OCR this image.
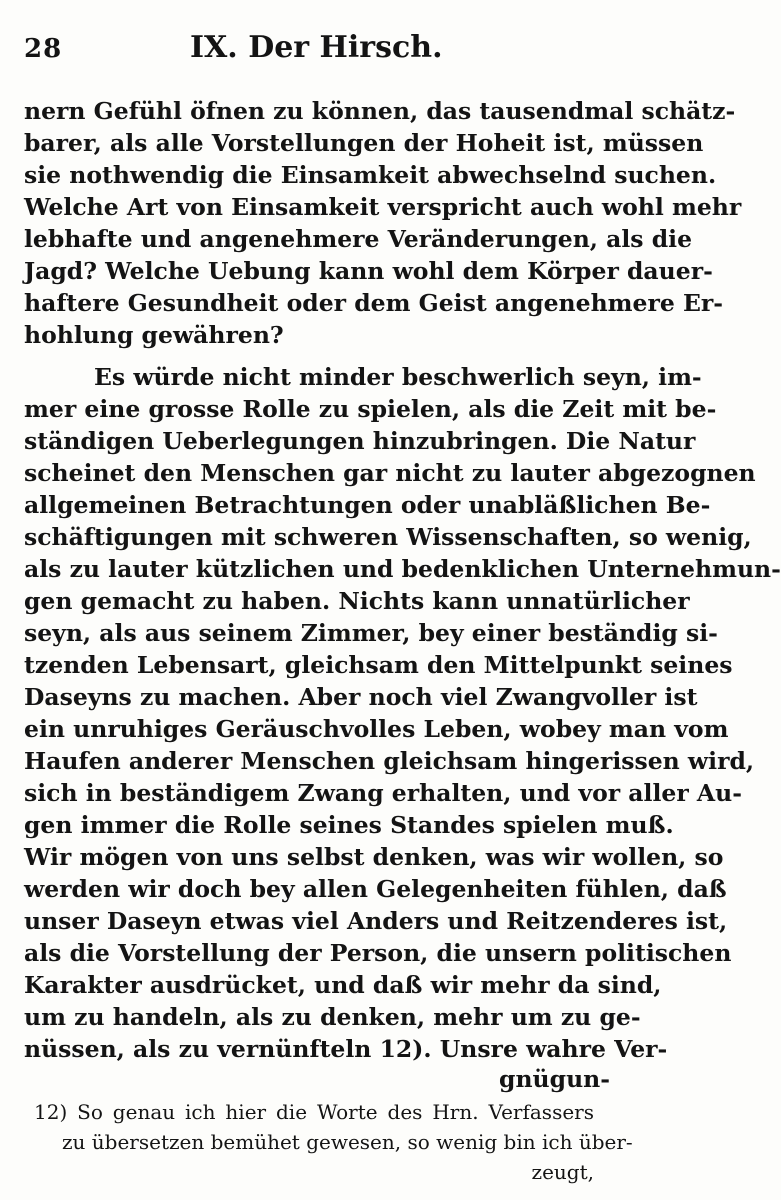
28	IX. Der Hirsch.
nern Gefühl öfnen zu können, das tausendmal schätz-
barer, als alle Vorstellungen der Hoheit ist, müssen
sie nothwendig die Einsamkeit abwechselnd suchen.
Welche Art von Einsamkeit verspricht auch wohl mehr
lebhafte und angenehmere Veränderungen, als die
Jagd? Welche Uebung kann wohl dem Körper dauer-
haftere Gesundheit oder dem Geist angenehmere Er-
hohlung gewähren?
Es würde nicht minder beschwerlich seyn, im-
mer eine grosse Rolle zu spielen, als die Zeit mit be-
ständigen Ueberlegungen hinzubringen. Die Natur
scheinet den Menschen gar nicht zu lauter abgezognen
allgemeinen Betrachtungen oder unabläßlichen Be-
schäftigungen mit schweren Wissenschaften, so wenig,
als zu lauter kützlichen und bedenklichen Unternehmun-
gen gemacht zu haben. Nichts kann unnatürlicher
seyn, als aus seinem Zimmer, bey einer beständig si-
tzenden Lebensart, gleichsam den Mittelpunkt seines
Daseyns zu machen. Aber noch viel Zwangvoller ist
ein unruhiges Geräuschvolles Leben, wobey man vom
Haufen anderer Menschen gleichsam hingerissen wird,
sich in beständigem Zwang erhalten, und vor aller Au-
gen immer die Rolle seines Standes spielen muß.
Wir mögen von uns selbst denken, was wir wollen, so
werden wir doch bey allen Gelegenheiten fühlen, daß
unser Daseyn etwas viel Anders und Reitzenderes ist,
als die Vorstellung der Person, die unsern politischen
Karakter ausdrücket, und daß wir mehr da sind,
um zu handeln, als zu denken, mehr um zu ge-
nüssen, als zu vernünfteln 12). Unsre wahre Ver-
gnügun-
12) So genau ich hier die Worte des Hrn. Verfassers
zu übersetzen bemühet gewesen, so wenig bin ich über-
zeugt,
